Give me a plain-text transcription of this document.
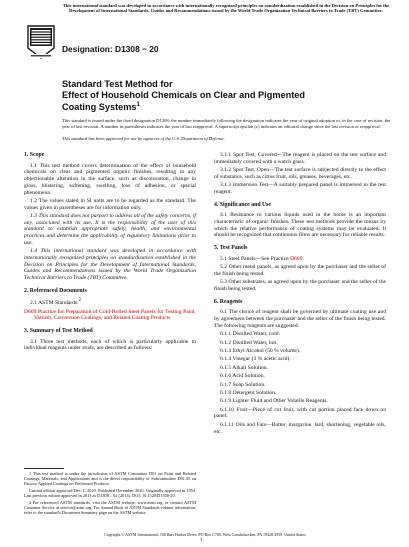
This international standard was developed in accordance with internationally recognized principles on standardization established in the Decision on Principles for the Development of International Standards, Guides and Recommendations issued by the World Trade Organization Technical Barriers to Trade (TBT) Committee.
Designation: D1308 − 20
Standard Test Method for
Effect of Household Chemicals on Clear and Pigmented
Coating Systems$^1$
This standard is issued under the fixed designation D1308; the number immediately following the designation indicates the year of original adoption or, in the case of revision, the year of last revision. A number in parentheses indicates the year of last reapproval. A superscript epsilon (ε) indicates an editorial change since the last revision or reapproval.
This standard has been approved for use by agencies of the U.S. Department of Defense.
1. Scope

1.1 This test method covers determination of the effect of household chemicals on clear and pigmented organic finishes, resulting in any objectionable alteration in the surface, such as discoloration, change in gloss, blistering, softening, swelling, loss of adhesion, or special phenomena.

1.2 The values stated in SI units are to be regarded as the standard. The values given in parentheses are for information only.

1.3 This standard does not purport to address all of the safety concerns, if any, associated with its use. It is the responsibility of the user of this standard to establish appropriate safety, health, and environmental practices and determine the applicability of regulatory limitations prior to use.

1.4 This international standard was developed in accordance with internationally recognized principles on standardization established in the Decision on Principles for the Development of International Standards, Guides and Recommendations issued by the World Trade Organization Technical Barriers to Trade (TBT) Committee.

2. Referenced Documents

2.1 ASTM Standards:$^2$

D609 Practice for Preparation of Cold-Rolled Steel Panels for Testing Paint, Varnish, Conversion Coatings, and Related Coating Products

3. Summary of Test Method

3.1 Three test methods, each of which is particularly applicable to individual reagents under study, are described as follows:

1 This test method is under the jurisdiction of ASTM Committee D01 on Paint and Related Coatings, Materials, and Applications and is the direct responsibility of Subcommittee D01.55 on Factory Applied Coatings on Preformed Products.

Current edition approved Dec. 1, 2020. Published December 2020. Originally approved in 1954. Last previous edition approved in 2013 as D1308 – 02 (2013). DOI: 10.1520/D1308-20.

2 For referenced ASTM standards, visit the ASTM website, www.astm.org, or contact ASTM Customer Service at service@astm.org. For Annual Book of ASTM Standards volume information, refer to the standard's Document Summary page on the ASTM website.

3.1.1 Spot Test, Covered—The reagent is placed on the test surface and immediately covered with a watch glass.

3.1.2 Spot Test, Open—The test surface is subjected directly to the effect of substance, such as citrus fruit, oils, greases, beverages, etc.

3.1.3 Immersion Test—A suitably prepared panel is immersed in the test reagent.

4. Significance and Use

4.1 Resistance to various liquids used in the home is an important characteristic of organic finishes. These test methods provide the means by which the relative performance of coating systems may be evaluated. It should be recognized that continuous films are necessary for reliable results.

5. Test Panels

5.1 Steel Panels—See Practice D609.

5.2 Other metal panels, as agreed upon by the purchaser and the seller of the finish being tested.

5.3 Other substrates, as agreed upon by the purchaser and the seller of the finish being tested.

6. Reagents

6.1 The choice of reagent shall be governed by ultimate coating use and by agreement between the purchaser and the seller of the finish being tested. The following reagents are suggested:

6.1.1 Distilled Water, cold.

6.1.2 Distilled Water, hot.

6.1.3 Ethyl Alcohol (50 % volume).

6.1.4 Vinegar (3 % acetic acid).

6.1.5 Alkali Solution.

6.1.6 Acid Solution.

6.1.7 Soap Solution.

6.1.8 Detergent Solution.

6.1.9 Lighter Fluid and Other Volatile Reagents.

6.1.10 Fruit—Piece of cut fruit, with cut portion placed face down on panel.

6.1.11 Oils and Fats—Butter, margarine, lard, shortening, vegetable oils, etc.

Copyright © ASTM International, 100 Barr Harbor Drive, PO Box C700, West Conshohocken, PA 19428-2959. United States
1
